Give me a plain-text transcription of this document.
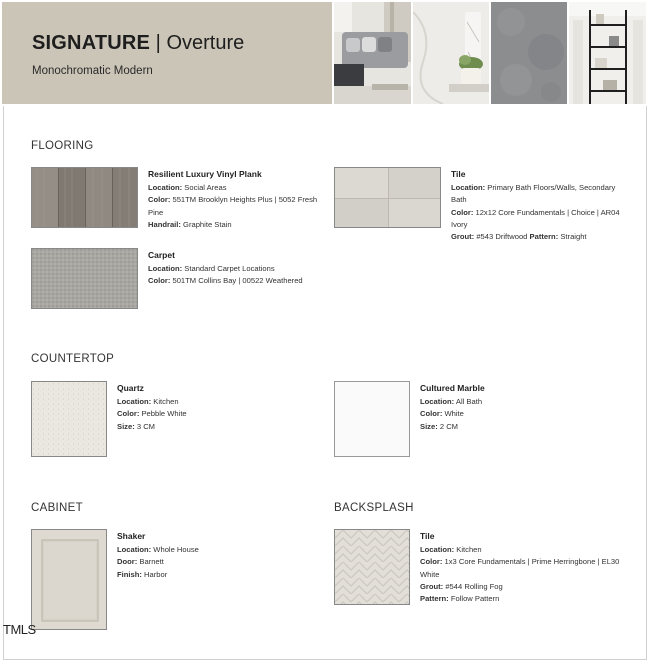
SIGNATURE | Overture
Monochromatic Modern
FLOORING
Resilient Luxury Vinyl Plank
Location: Social Areas
Color: 551TM Brooklyn Heights Plus | 5052 Fresh Pine
Handrail: Graphite Stain
Tile
Location: Primary Bath Floors/Walls, Secondary Bath
Color: 12x12 Core Fundamentals | Choice | AR04 Ivory
Grout: #543 Driftwood Pattern: Straight
Carpet
Location: Standard Carpet Locations
Color: 501TM Collins Bay | 00522 Weathered
COUNTERTOP
Quartz
Location: Kitchen
Color: Pebble White
Size: 3 CM
Cultured Marble
Location: All Bath
Color: White
Size: 2 CM
CABINET
Shaker
Location: Whole House
Door: Barnett
Finish: Harbor
BACKSPLASH
Tile
Location: Kitchen
Color: 1x3 Core Fundamentals | Prime Herringbone | EL30 White
Grout: #544 Rolling Fog
Pattern: Follow Pattern
TMLS
